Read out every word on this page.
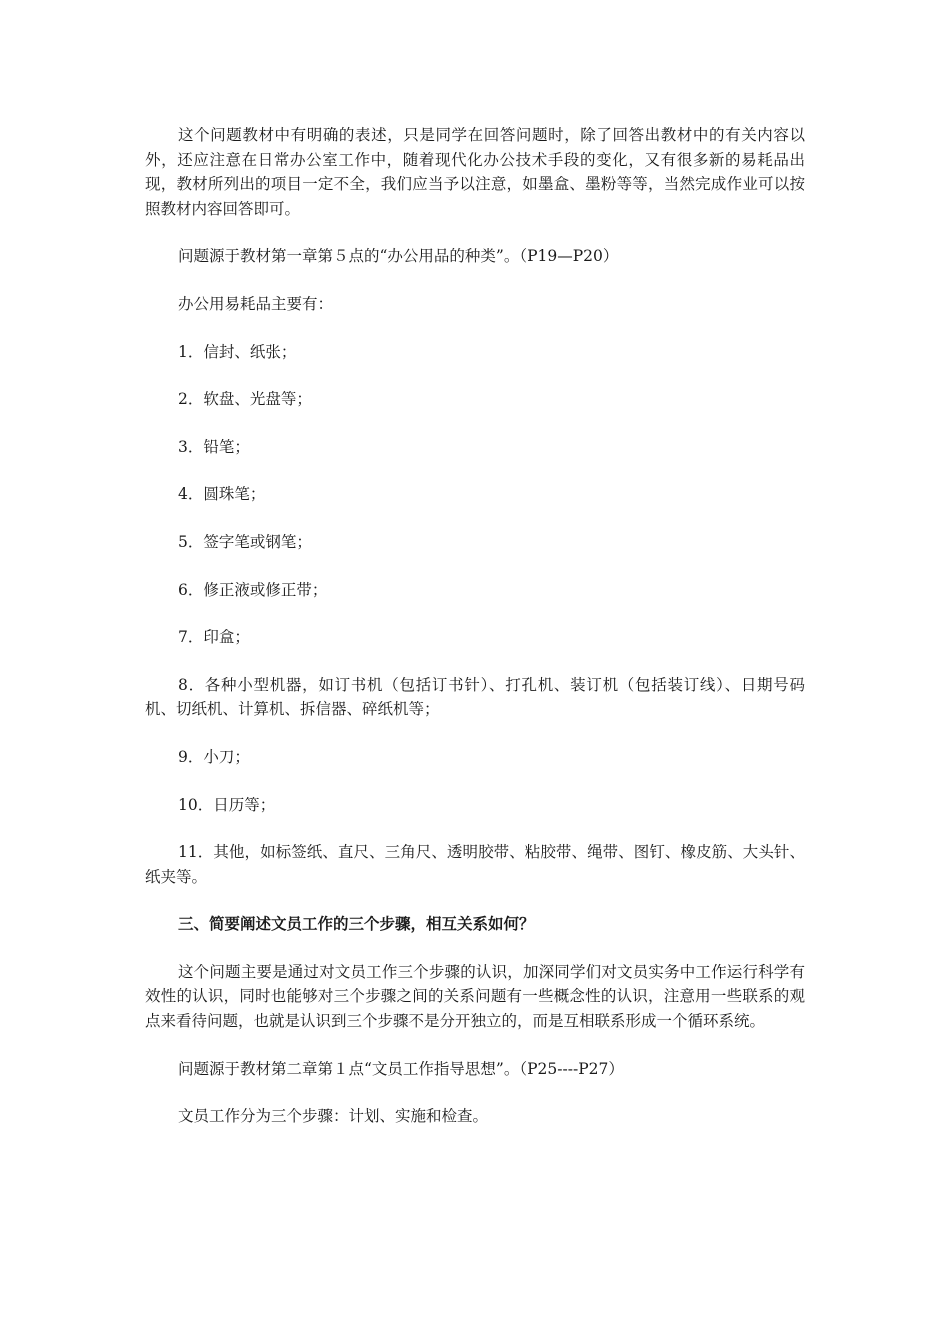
这个问题教材中有明确的表述，只是同学在回答问题时，除了回答出教材中的有关内容以外，还应注意在日常办公室工作中，随着现代化办公技术手段的变化，又有很多新的易耗品出现，教材所列出的项目一定不全，我们应当予以注意，如墨盒、墨粉等等，当然完成作业可以按照教材内容回答即可。

问题源于教材第一章第５点的“办公用品的种类”。（P19—P20）

办公用易耗品主要有：

1．信封、纸张；

2．软盘、光盘等；

3．铅笔；

4．圆珠笔；

5．签字笔或钢笔；

6．修正液或修正带；

7．印盒；

8．各种小型机器，如订书机（包括订书针）、打孔机、装订机（包括装订线）、日期号码机、切纸机、计算机、拆信器、碎纸机等；

9．小刀；

10．日历等；

11．其他，如标签纸、直尺、三角尺、透明胶带、粘胶带、绳带、图钉、橡皮筋、大头针、纸夹等。

三、简要阐述文员工作的三个步骤，相互关系如何？

这个问题主要是通过对文员工作三个步骤的认识，加深同学们对文员实务中工作运行科学有效性的认识，同时也能够对三个步骤之间的关系问题有一些概念性的认识，注意用一些联系的观点来看待问题，也就是认识到三个步骤不是分开独立的，而是互相联系形成一个循环系统。

问题源于教材第二章第１点“文员工作指导思想”。（P25----P27）

文员工作分为三个步骤：计划、实施和检查。
